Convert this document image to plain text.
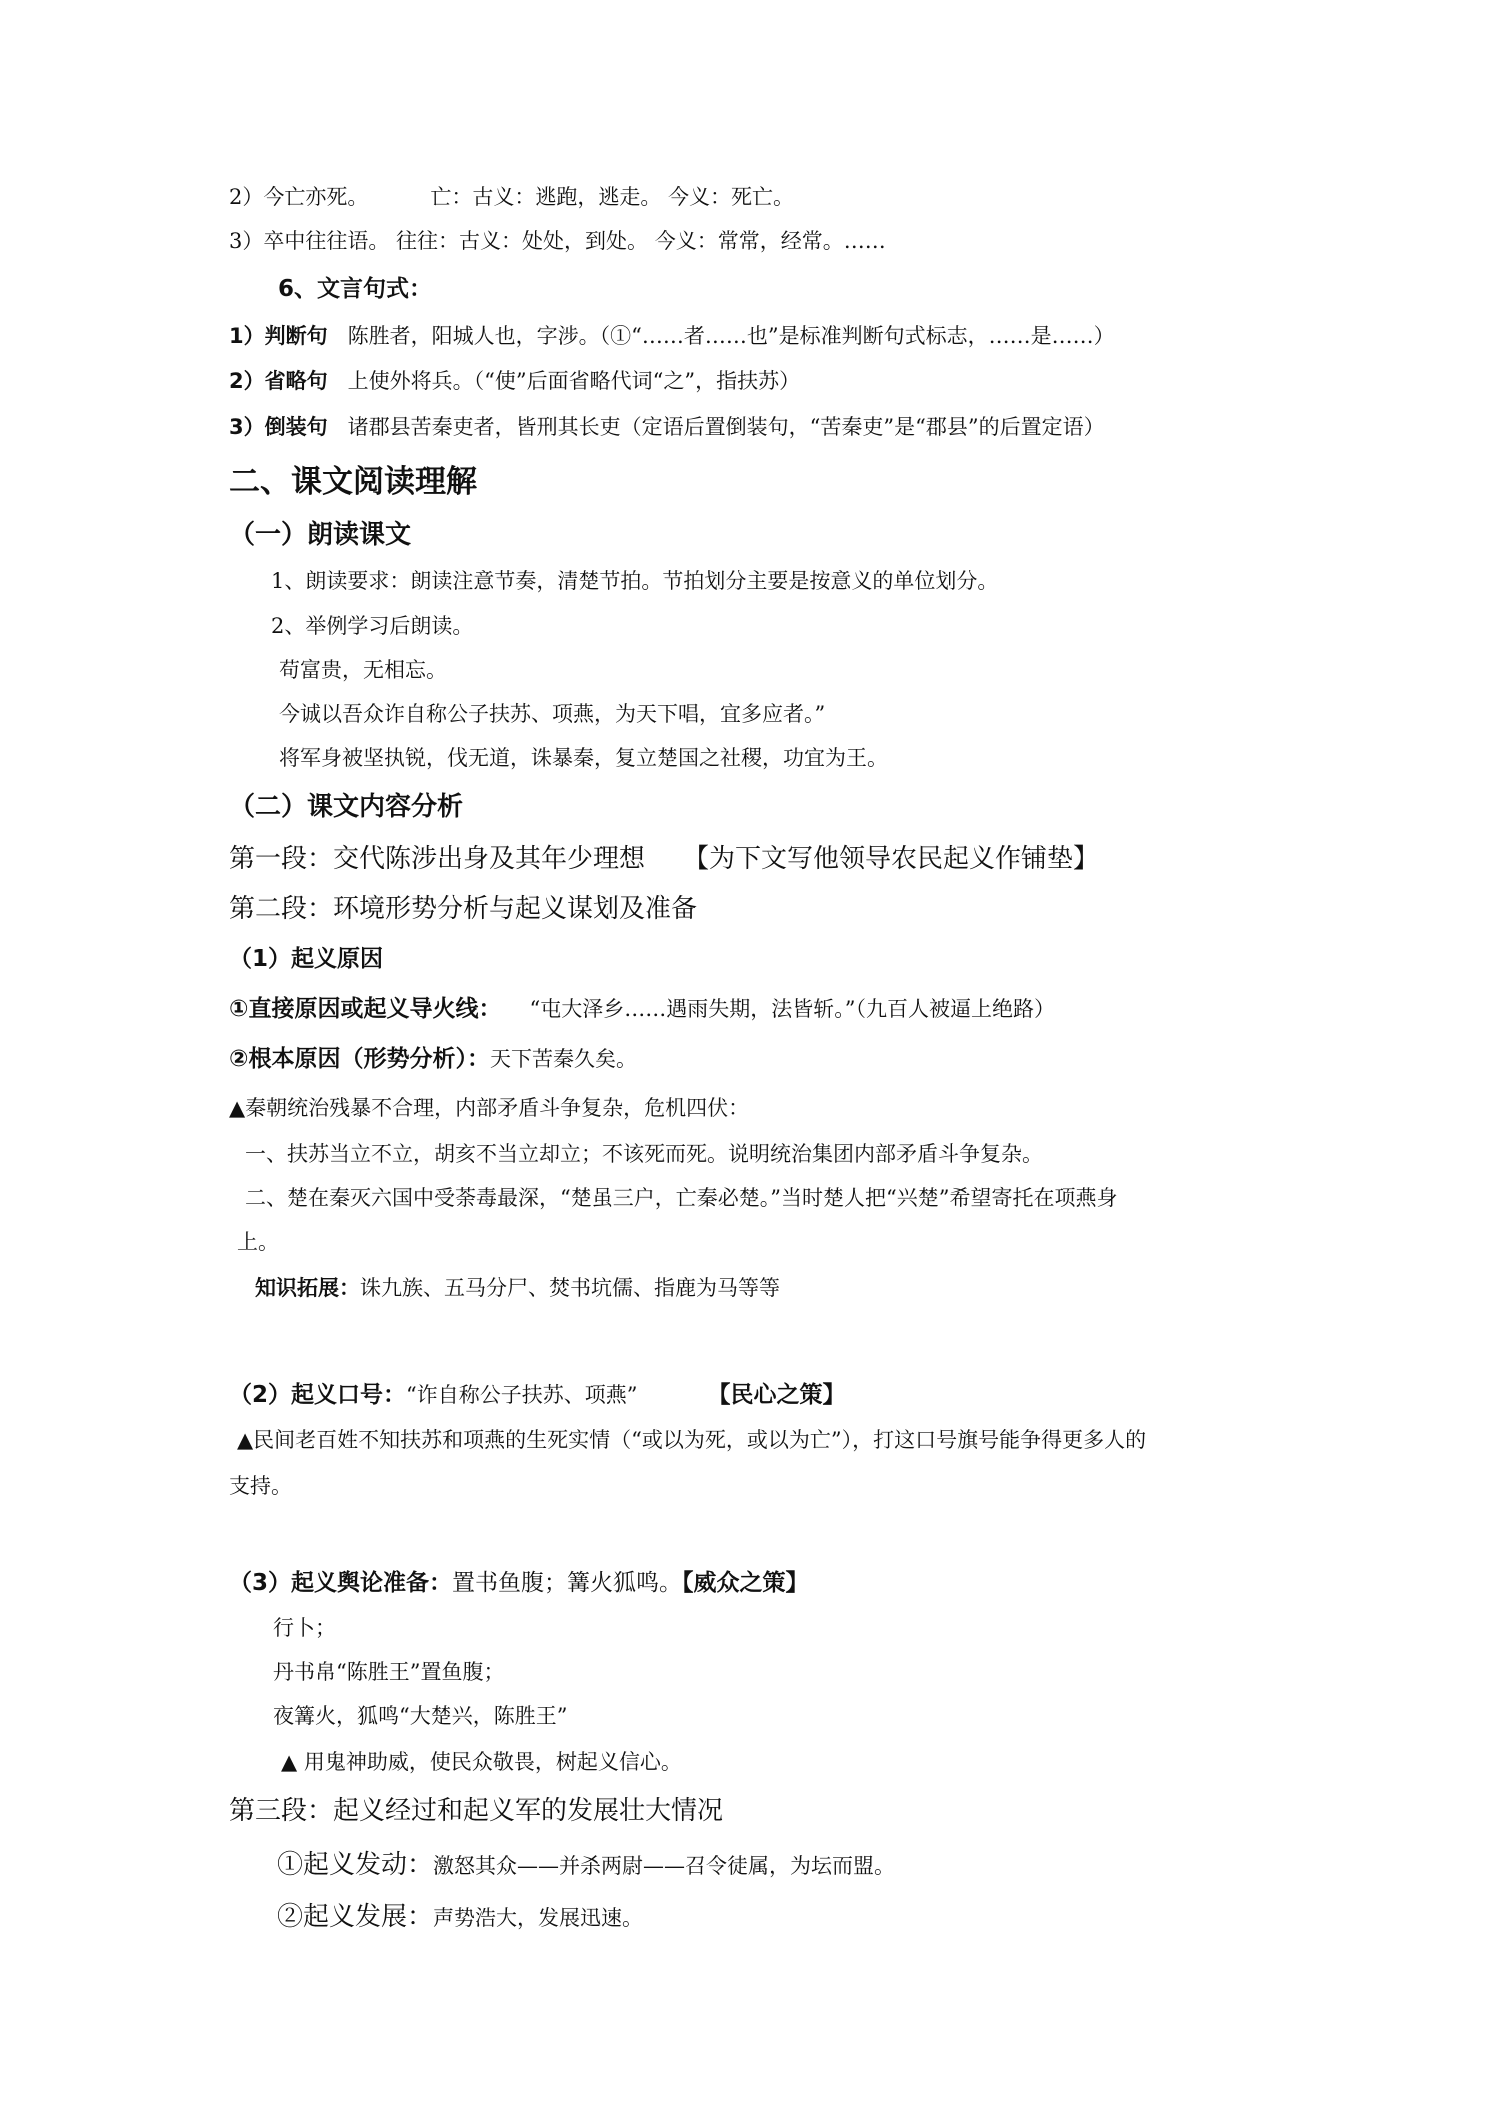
2）今亡亦死。	亡：古义：逃跑，逃走。 今义：死亡。
3）卒中往往语。 往往：古义：处处，到处。 今义：常常，经常。……
6、文言句式：
1）判断句 陈胜者，阳城人也，字涉。（①“……者……也”是标准判断句式标志，……是……）
2）省略句 上使外将兵。（“使”后面省略代词“之”，指扶苏）
3）倒装句 诸郡县苦秦吏者，皆刑其长吏（定语后置倒装句，“苦秦吏”是“郡县”的后置定语）
二、课文阅读理解
（一）朗读课文
1、朗读要求：朗读注意节奏，清楚节拍。节拍划分主要是按意义的单位划分。
2、举例学习后朗读。
苟富贵，无相忘。
今诚以吾众诈自称公子扶苏、项燕，为天下唱，宜多应者。”
将军身被坚执锐，伐无道，诛暴秦，复立楚国之社稷，功宜为王。
（二）课文内容分析
第一段：交代陈涉出身及其年少理想 【为下文写他领导农民起义作铺垫】
第二段：环境形势分析与起义谋划及准备
（1）起义原因
①直接原因或起义导火线： “屯大泽乡……遇雨失期，法皆斩。”（九百人被逼上绝路）
②根本原因（形势分析）：天下苦秦久矣。
▲秦朝统治残暴不合理，内部矛盾斗争复杂，危机四伏：
一、扶苏当立不立，胡亥不当立却立；不该死而死。说明统治集团内部矛盾斗争复杂。
二、楚在秦灭六国中受荼毒最深，“楚虽三户，亡秦必楚。”当时楚人把“兴楚”希望寄托在项燕身
上。
知识拓展：诛九族、五马分尸、焚书坑儒、指鹿为马等等
（2）起义口号：“诈自称公子扶苏、项燕”	【民心之策】
▲民间老百姓不知扶苏和项燕的生死实情（“或以为死，或以为亡”），打这口号旗号能争得更多人的
支持。
（3）起义舆论准备：置书鱼腹；篝火狐鸣。【威众之策】
行卜；
丹书帛“陈胜王”置鱼腹；
夜篝火，狐鸣“大楚兴，陈胜王”
▲ 用鬼神助威，使民众敬畏，树起义信心。
第三段：起义经过和起义军的发展壮大情况
①起义发动：激怒其众——并杀两尉——召令徒属，为坛而盟。
②起义发展：声势浩大，发展迅速。
